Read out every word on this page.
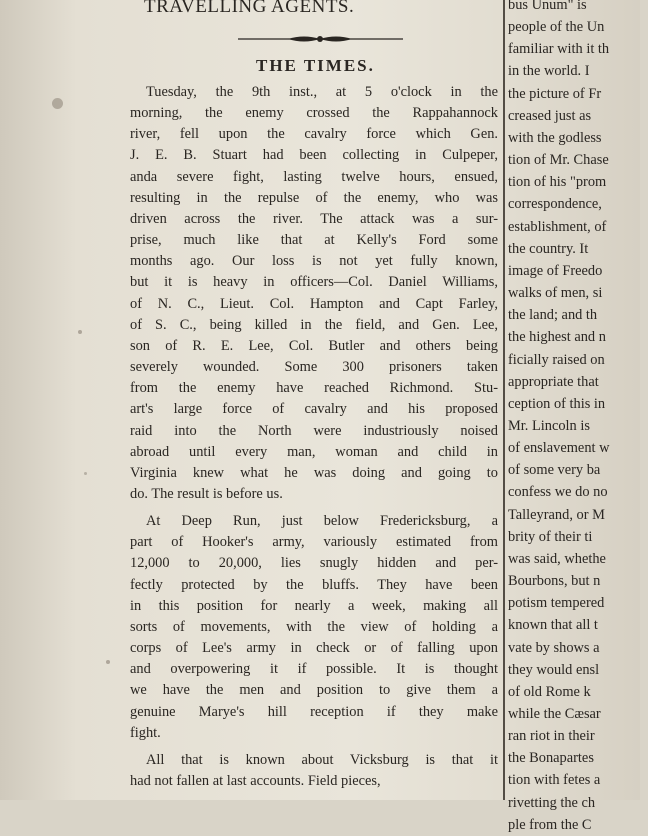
TRAVELLING AGENTS.
THE TIMES.

Tuesday, the 9th inst., at 5 o'clock in the
morning, the enemy crossed the Rappahannock
river, fell upon the cavalry force which Gen.
J. E. B. Stuart had been collecting in Culpeper,
anda severe fight, lasting twelve hours, ensued,
resulting in the repulse of the enemy, who was
driven across the river. The attack was a sur-
prise, much like that at Kelly's Ford some
months ago. Our loss is not yet fully known,
but it is heavy in officers—Col. Daniel Williams,
of N. C., Lieut. Col. Hampton and Capt Farley,
of S. C., being killed in the field, and Gen. Lee,
son of R. E. Lee, Col. Butler and others being
severely wounded. Some 300 prisoners taken
from the enemy have reached Richmond. Stu-
art's large force of cavalry and his proposed
raid into the North were industriously noised
abroad until every man, woman and child in
Virginia knew what he was doing and going to
do. The result is before us.

At Deep Run, just below Fredericksburg, a
part of Hooker's army, variously estimated from
12,000 to 20,000, lies snugly hidden and per-
fectly protected by the bluffs. They have been
in this position for nearly a week, making all
sorts of movements, with the view of holding a
corps of Lee's army in check or of falling upon
and overpowering it if possible. It is thought
we have the men and position to give them a
genuine Marye's hill reception if they make
fight.

All that is known about Vicksburg is that it
had not fallen at last accounts. Field pieces,

bus Unum" is
people of the Un
familiar with it th
in the world. I
the picture of Fr
creased just as
with the godless
tion of Mr. Chase
tion of his "prom
correspondence,
establishment, of
the country. It
image of Freedo
walks of men, si
the land; and th
the highest and n
ficially raised on
appropriate that
ception of this in
Mr. Lincoln is
of enslavement w
of some very ba
confess we do no
Talleyrand, or M
brity of their ti
was said, whethe
Bourbons, but n
potism tempered
known that all t
vate by shows a
they would ensl
of old Rome k
while the Cæsar
ran riot in their
the Bonapartes
tion with fetes a
rivetting the ch
ple from the C
